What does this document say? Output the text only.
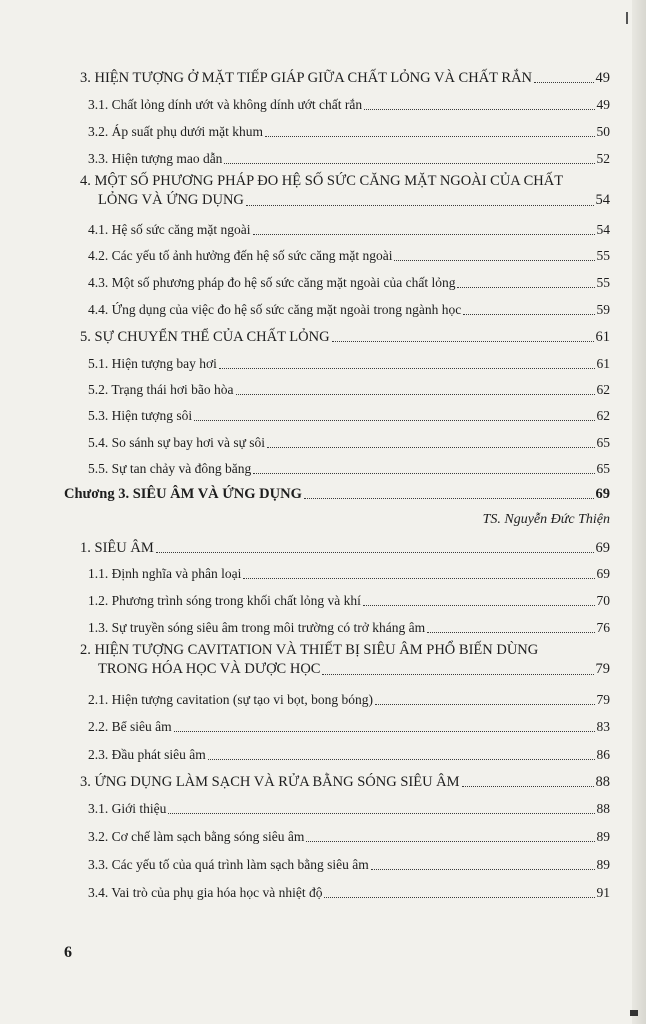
3. HIỆN TƯỢNG Ở MẶT TIẾP GIÁP GIỮA CHẤT LỎNG VÀ CHẤT RẮN	49
3.1. Chất lỏng dính ướt và không dính ướt chất rắn	49
3.2. Áp suất phụ dưới mặt khum	50
3.3. Hiện tượng mao dẫn	52
4. MỘT SỐ PHƯƠNG PHÁP ĐO HỆ SỐ SỨC CĂNG MẶT NGOÀI CỦA CHẤT
LỎNG VÀ ỨNG DỤNG	54
4.1. Hệ số sức căng mặt ngoài	54
4.2. Các yếu tố ảnh hưởng đến hệ số sức căng mặt ngoài	55
4.3. Một số phương pháp đo hệ số sức căng mặt ngoài của chất lỏng	55
4.4. Ứng dụng của việc đo hệ số sức căng mặt ngoài trong ngành học	59
5. SỰ CHUYỂN THỂ CỦA CHẤT LỎNG	61
5.1. Hiện tượng bay hơi	61
5.2. Trạng thái hơi bão hòa	62
5.3. Hiện tượng sôi	62
5.4. So sánh sự bay hơi và sự sôi	65
5.5. Sự tan chảy và đông băng	65
Chương 3. SIÊU ÂM VÀ ỨNG DỤNG	69
TS. Nguyễn Đức Thiện
1. SIÊU ÂM	69
1.1. Định nghĩa và phân loại	69
1.2. Phương trình sóng trong khối chất lỏng và khí	70
1.3. Sự truyền sóng siêu âm trong môi trường có trở kháng âm	76
2. HIỆN TƯỢNG CAVITATION VÀ THIẾT BỊ SIÊU ÂM PHỔ BIẾN DÙNG
TRONG HÓA HỌC VÀ DƯỢC HỌC	79
2.1. Hiện tượng cavitation (sự tạo vi bọt, bong bóng)	79
2.2. Bể siêu âm	83
2.3. Đầu phát siêu âm	86
3. ỨNG DỤNG LÀM SẠCH VÀ RỬA BẰNG SÓNG SIÊU ÂM	88
3.1. Giới thiệu	88
3.2. Cơ chế làm sạch bằng sóng siêu âm	89
3.3. Các yếu tố của quá trình làm sạch bằng siêu âm	89
3.4. Vai trò của phụ gia hóa học và nhiệt độ	91
6
